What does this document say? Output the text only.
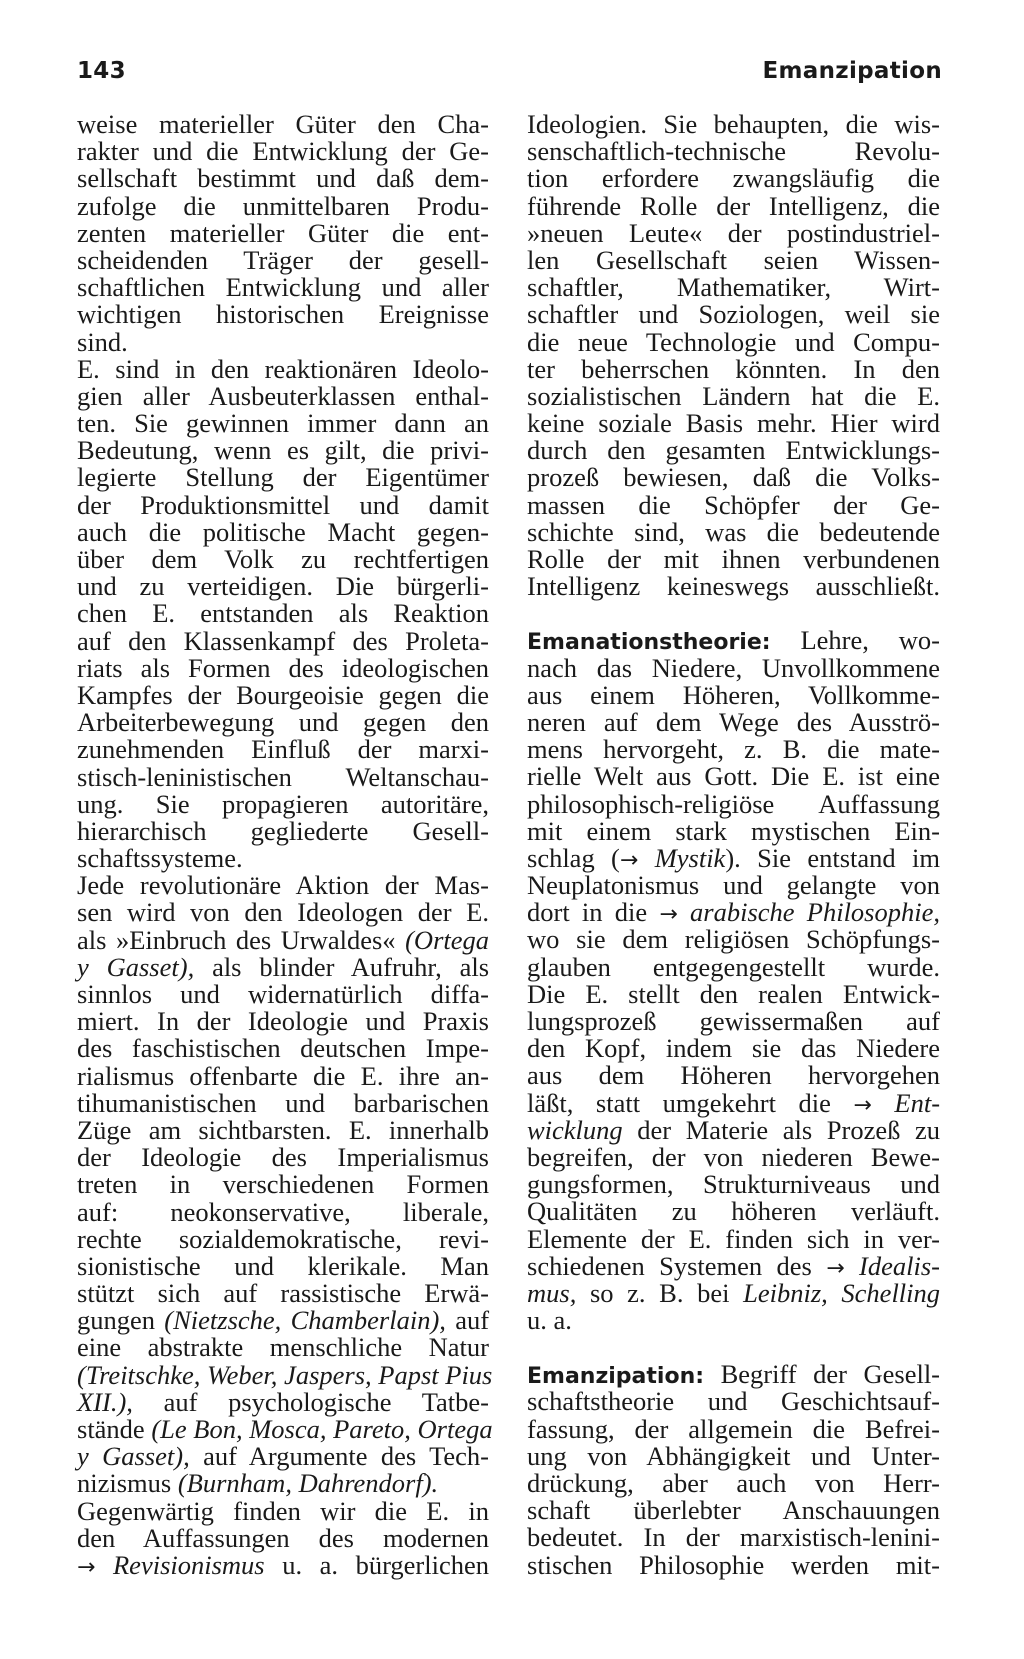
143	Emanzipation
weise materieller Güter den Cha-
rakter und die Entwicklung der Ge-
sellschaft bestimmt und daß dem-
zufolge die unmittelbaren Produ-
zenten materieller Güter die ent-
scheidenden Träger der gesell-
schaftlichen Entwicklung und aller
wichtigen historischen Ereignisse
sind.
E. sind in den reaktionären Ideolo-
gien aller Ausbeuterklassen enthal-
ten. Sie gewinnen immer dann an
Bedeutung, wenn es gilt, die privi-
legierte Stellung der Eigentümer
der Produktionsmittel und damit
auch die politische Macht gegen-
über dem Volk zu rechtfertigen
und zu verteidigen. Die bürgerli-
chen E. entstanden als Reaktion
auf den Klassenkampf des Proleta-
riats als Formen des ideologischen
Kampfes der Bourgeoisie gegen die
Arbeiterbewegung und gegen den
zunehmenden Einfluß der marxi-
stisch-leninistischen Weltanschau-
ung. Sie propagieren autoritäre,
hierarchisch gegliederte Gesell-
schaftssysteme.
Jede revolutionäre Aktion der Mas-
sen wird von den Ideologen der E.
als »Einbruch des Urwaldes« (Ortega
y Gasset), als blinder Aufruhr, als
sinnlos und widernatürlich diffa-
miert. In der Ideologie und Praxis
des faschistischen deutschen Impe-
rialismus offenbarte die E. ihre an-
tihumanistischen und barbarischen
Züge am sichtbarsten. E. innerhalb
der Ideologie des Imperialismus
treten in verschiedenen Formen
auf: neokonservative, liberale,
rechte sozialdemokratische, revi-
sionistische und klerikale. Man
stützt sich auf rassistische Erwä-
gungen (Nietzsche, Chamberlain), auf
eine abstrakte menschliche Natur
(Treitschke, Weber, Jaspers, Papst Pius
XII.), auf psychologische Tatbe-
stände (Le Bon, Mosca, Pareto, Ortega
y Gasset), auf Argumente des Tech-
nizismus (Burnham, Dahrendorf).
Gegenwärtig finden wir die E. in
den Auffassungen des modernen
→ Revisionismus u. a. bürgerlichen
Ideologien. Sie behaupten, die wis-
senschaftlich-technische Revolu-
tion erfordere zwangsläufig die
führende Rolle der Intelligenz, die
»neuen Leute« der postindustriel-
len Gesellschaft seien Wissen-
schaftler, Mathematiker, Wirt-
schaftler und Soziologen, weil sie
die neue Technologie und Compu-
ter beherrschen könnten. In den
sozialistischen Ländern hat die E.
keine soziale Basis mehr. Hier wird
durch den gesamten Entwicklungs-
prozeß bewiesen, daß die Volks-
massen die Schöpfer der Ge-
schichte sind, was die bedeutende
Rolle der mit ihnen verbundenen
Intelligenz keineswegs ausschließt.
Emanationstheorie: Lehre, wo-
nach das Niedere, Unvollkommene
aus einem Höheren, Vollkomme-
neren auf dem Wege des Ausströ-
mens hervorgeht, z. B. die mate-
rielle Welt aus Gott. Die E. ist eine
philosophisch-religiöse Auffassung
mit einem stark mystischen Ein-
schlag (→ Mystik). Sie entstand im
Neuplatonismus und gelangte von
dort in die → arabische Philosophie,
wo sie dem religiösen Schöpfungs-
glauben entgegengestellt wurde.
Die E. stellt den realen Entwick-
lungsprozeß gewissermaßen auf
den Kopf, indem sie das Niedere
aus dem Höheren hervorgehen
läßt, statt umgekehrt die → Ent-
wicklung der Materie als Prozeß zu
begreifen, der von niederen Bewe-
gungsformen, Strukturniveaus und
Qualitäten zu höheren verläuft.
Elemente der E. finden sich in ver-
schiedenen Systemen des → Idealis-
mus, so z. B. bei Leibniz, Schelling
u. a.
Emanzipation: Begriff der Gesell-
schaftstheorie und Geschichtsauf-
fassung, der allgemein die Befrei-
ung von Abhängigkeit und Unter-
drückung, aber auch von Herr-
schaft überlebter Anschauungen
bedeutet. In der marxistisch-lenini-
stischen Philosophie werden mit-
